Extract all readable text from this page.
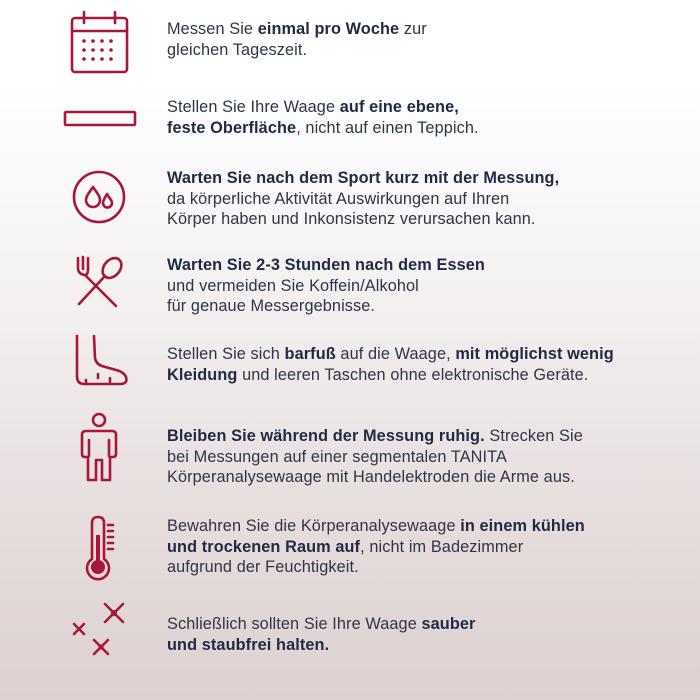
Messen Sie einmal pro Woche zur
gleichen Tageszeit.
Stellen Sie Ihre Waage auf eine ebene,
feste Oberfläche, nicht auf einen Teppich.
Warten Sie nach dem Sport kurz mit der Messung,
da körperliche Aktivität Auswirkungen auf Ihren
Körper haben und Inkonsistenz verursachen kann.
Warten Sie 2-3 Stunden nach dem Essen
und vermeiden Sie Koffein/Alkohol
für genaue Messergebnisse.
Stellen Sie sich barfuß auf die Waage, mit möglichst wenig
Kleidung und leeren Taschen ohne elektronische Geräte.
Bleiben Sie während der Messung ruhig. Strecken Sie
bei Messungen auf einer segmentalen TANITA
Körperanalysewaage mit Handelektroden die Arme aus.
Bewahren Sie die Körperanalysewaage in einem kühlen
und trockenen Raum auf, nicht im Badezimmer
aufgrund der Feuchtigkeit.
Schließlich sollten Sie Ihre Waage sauber
und staubfrei halten.
